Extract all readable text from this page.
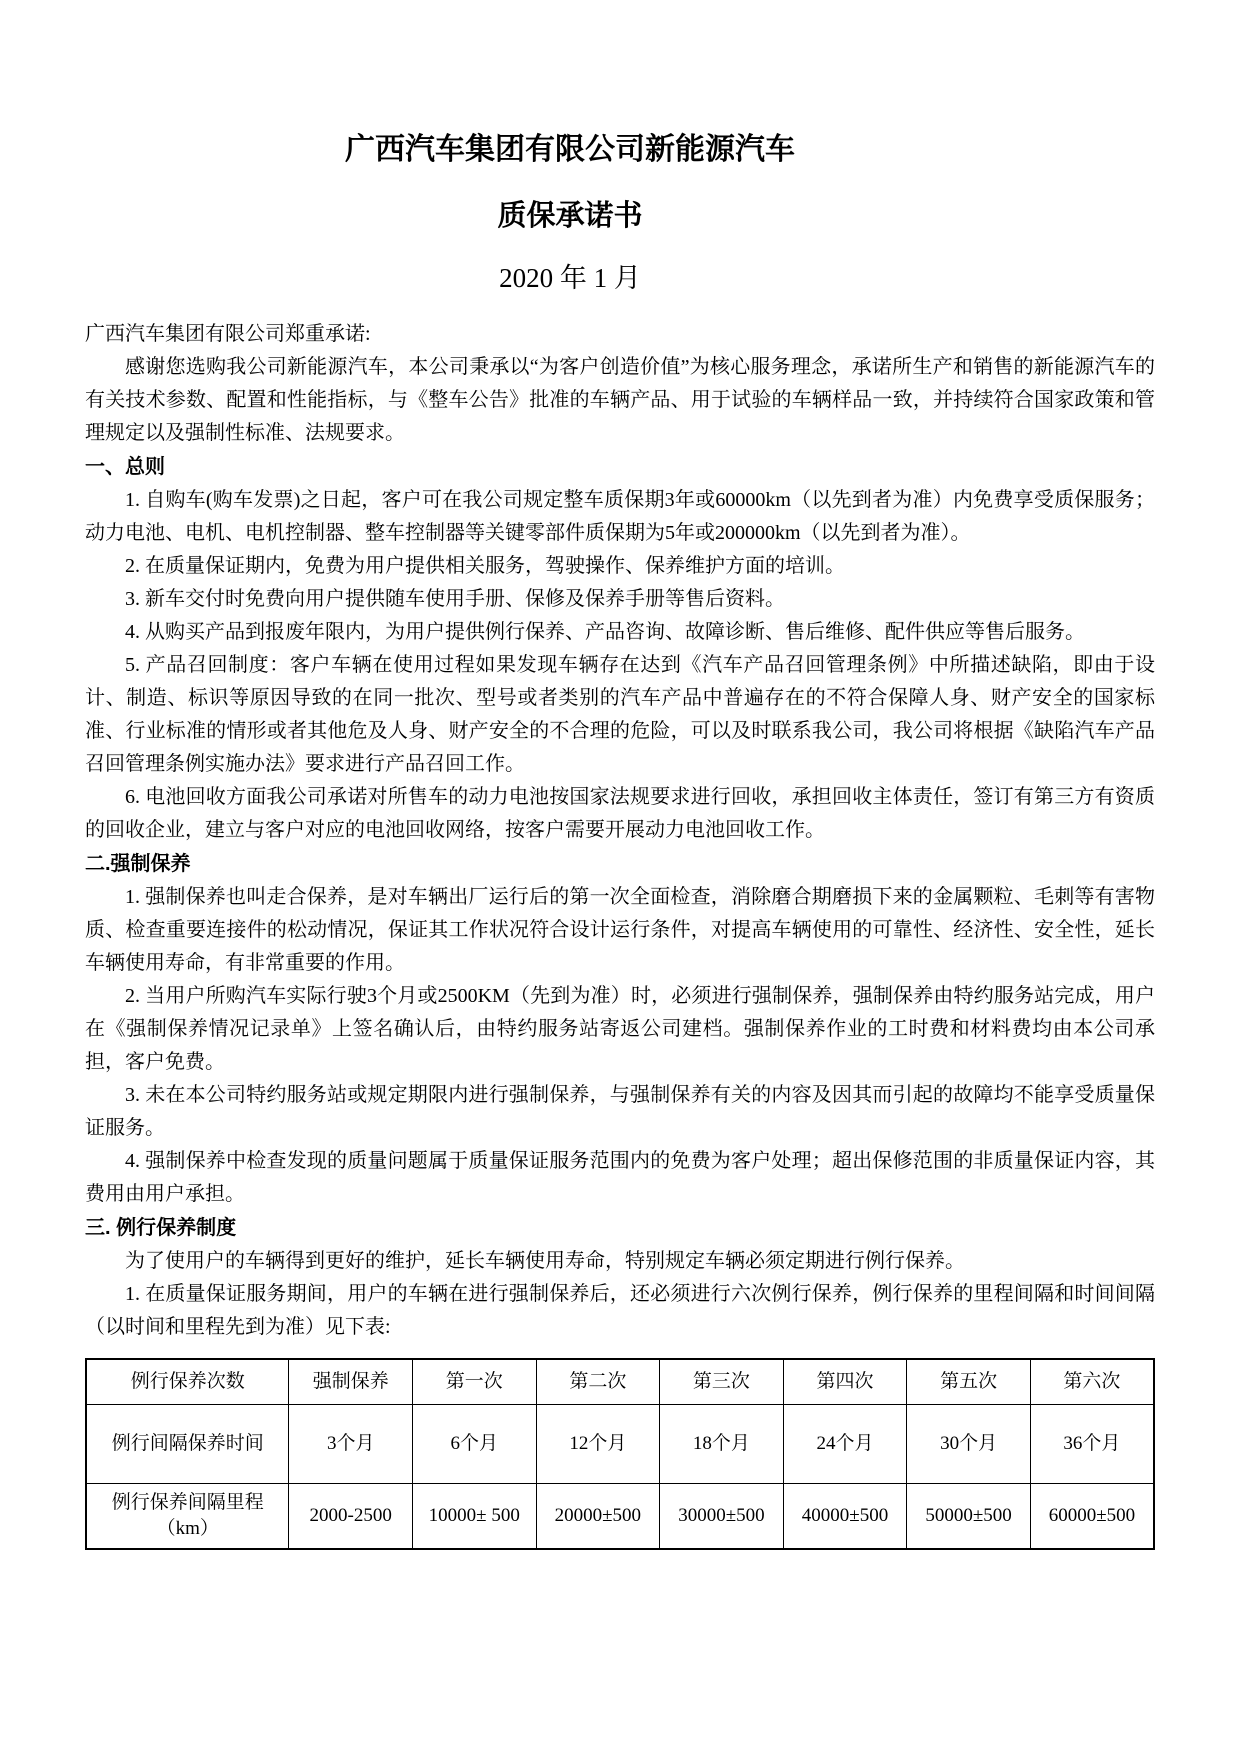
广西汽车集团有限公司新能源汽车
质保承诺书
2020 年 1 月

广西汽车集团有限公司郑重承诺:

感谢您选购我公司新能源汽车，本公司秉承以“为客户创造价值”为核心服务理念，承诺所生产和销售的新能源汽车的有关技术参数、配置和性能指标，与《整车公告》批准的车辆产品、用于试验的车辆样品一致，并持续符合国家政策和管理规定以及强制性标准、法规要求。

一、总则

1. 自购车(购车发票)之日起，客户可在我公司规定整车质保期3年或60000km（以先到者为准）内免费享受质保服务；动力电池、电机、电机控制器、整车控制器等关键零部件质保期为5年或200000km（以先到者为准）。

2. 在质量保证期内，免费为用户提供相关服务，驾驶操作、保养维护方面的培训。

3. 新车交付时免费向用户提供随车使用手册、保修及保养手册等售后资料。

4. 从购买产品到报废年限内，为用户提供例行保养、产品咨询、故障诊断、售后维修、配件供应等售后服务。

5. 产品召回制度：客户车辆在使用过程如果发现车辆存在达到《汽车产品召回管理条例》中所描述缺陷，即由于设计、制造、标识等原因导致的在同一批次、型号或者类别的汽车产品中普遍存在的不符合保障人身、财产安全的国家标准、行业标准的情形或者其他危及人身、财产安全的不合理的危险，可以及时联系我公司，我公司将根据《缺陷汽车产品召回管理条例实施办法》要求进行产品召回工作。

6. 电池回收方面我公司承诺对所售车的动力电池按国家法规要求进行回收，承担回收主体责任，签订有第三方有资质的回收企业，建立与客户对应的电池回收网络，按客户需要开展动力电池回收工作。

二.强制保养

1. 强制保养也叫走合保养，是对车辆出厂运行后的第一次全面检查，消除磨合期磨损下来的金属颗粒、毛刺等有害物质、检查重要连接件的松动情况，保证其工作状况符合设计运行条件，对提高车辆使用的可靠性、经济性、安全性，延长车辆使用寿命，有非常重要的作用。

2. 当用户所购汽车实际行驶3个月或2500KM（先到为准）时，必须进行强制保养，强制保养由特约服务站完成，用户在《强制保养情况记录单》上签名确认后，由特约服务站寄返公司建档。强制保养作业的工时费和材料费均由本公司承担，客户免费。

3. 未在本公司特约服务站或规定期限内进行强制保养，与强制保养有关的内容及因其而引起的故障均不能享受质量保证服务。

4. 强制保养中检查发现的质量问题属于质量保证服务范围内的免费为客户处理；超出保修范围的非质量保证内容，其费用由用户承担。

三. 例行保养制度

为了使用户的车辆得到更好的维护，延长车辆使用寿命，特别规定车辆必须定期进行例行保养。

1. 在质量保证服务期间，用户的车辆在进行强制保养后，还必须进行六次例行保养，例行保养的里程间隔和时间间隔（以时间和里程先到为准）见下表:

例行保养次数	强制保养	第一次	第二次	第三次	第四次	第五次	第六次
例行间隔保养时间	3个月	6个月	12个月	18个月	24个月	30个月	36个月
例行保养间隔里程（km）	2000-2500	10000± 500	20000±500	30000±500	40000±500	50000±500	60000±500
